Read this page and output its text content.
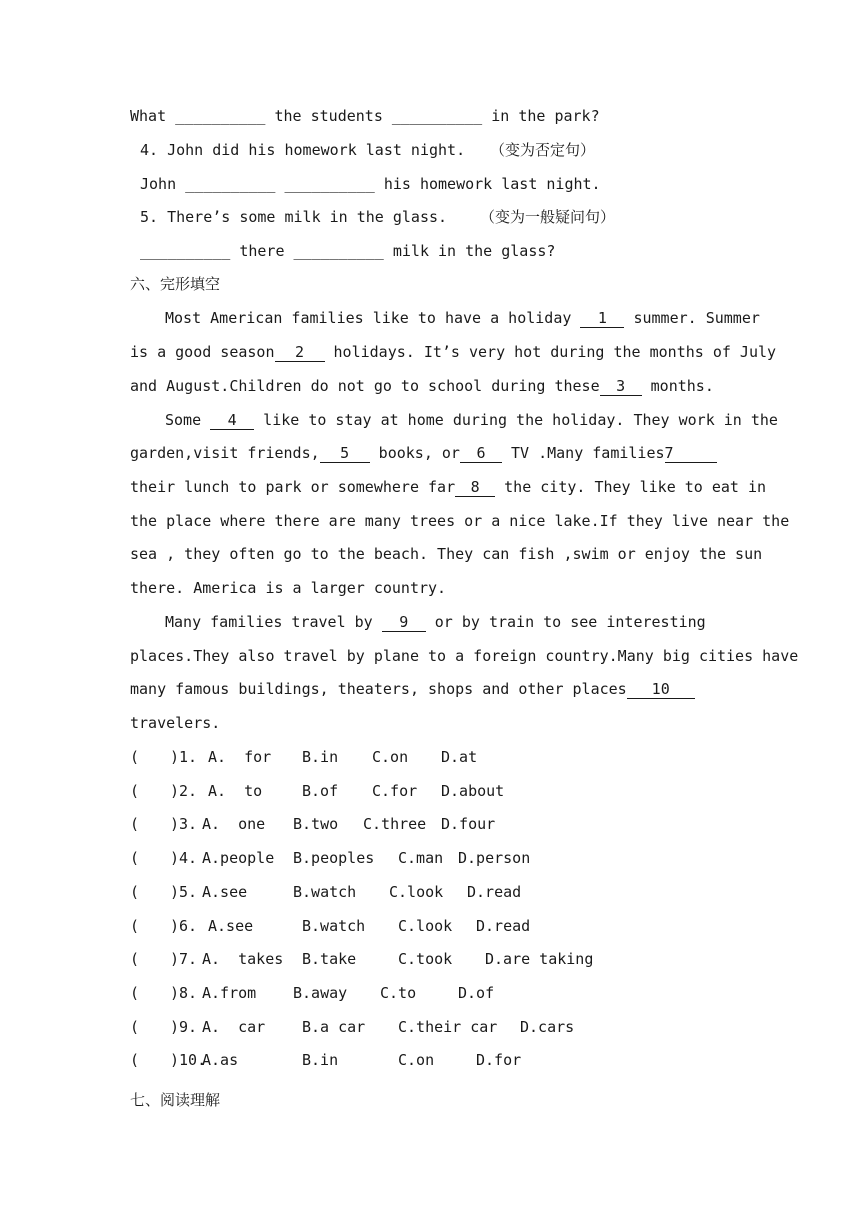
What __________ the students __________ in the park?
4. John did his homework last night. （变为否定句）
John __________ __________ his homework last night.
5. There’s some milk in the glass. （变为一般疑问句）
__________ there __________ milk in the glass?
六、完形填空
Most American families like to have a holiday 1 summer. Summer
is a good season 2 holidays. It’s very hot during the months of July
and August.Children do not go to school during these 3 months.
Some 4 like to stay at home during the holiday. They work in the
garden,visit friends, 5 books, or 6 TV .Many families7
their lunch to park or somewhere far 8 the city. They like to eat in
the place where there are many trees or a nice lake.If they live near the
sea , they often go to the beach. They can fish ,swim or enjoy the sun
there. America is a larger country.
Many families travel by 9 or by train to see interesting
places.They also travel by plane to a foreign country.Many big cities have
many famous buildings, theaters, shops and other places 10
travelers.
( )1. A.  for B.in C.on D.at
( )2. A.  to	B.of C.for D.about
( )3. A.  one B.two C.three D.four
( )4. A.people B.peoples C.man D.person
( )5. A.see	B.watch C.look D.read
( )6. A.see	B.watch C.look D.read
( )7. A.  takes B.take	C.took D.are taking
( )8. A.from B.away C.to	D.of
( )9. A.  car B.a car C.their car D.cars
( )10.
A.as	B.in	C.on	D.for
七、阅读理解
